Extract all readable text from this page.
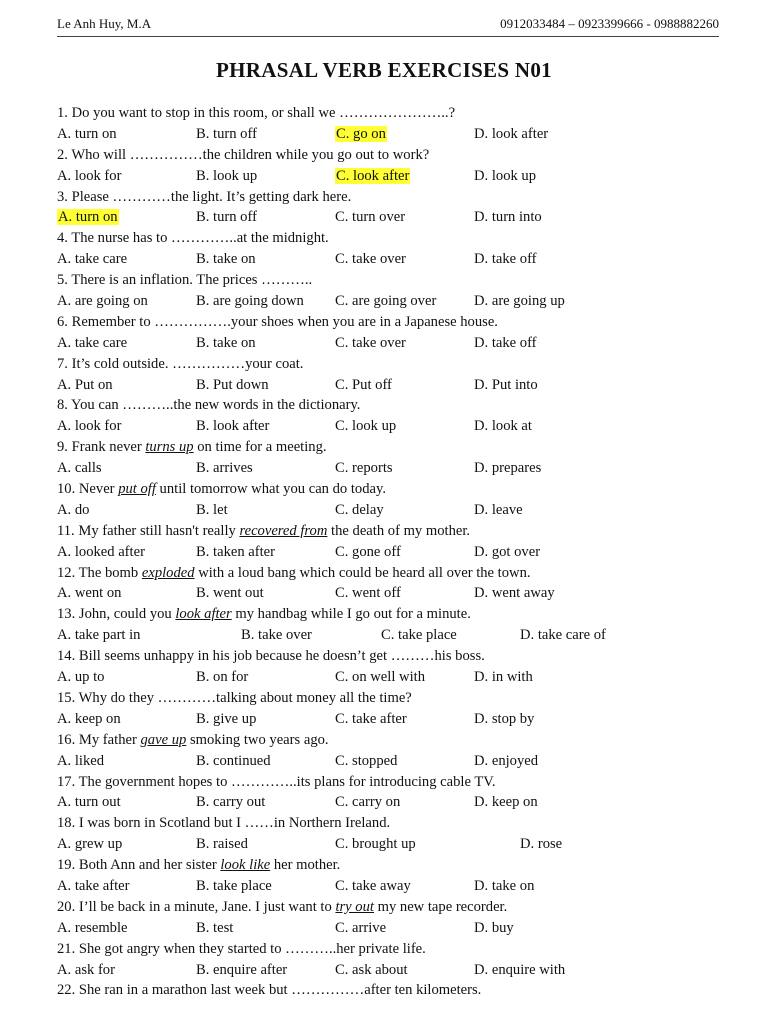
Le Anh Huy, M.A	0912033484 – 0923399666 - 0988882260
PHRASAL VERB EXERCISES N01
1. Do you want to stop in this room, or shall we …………………..?
A. turn on	B. turn off	C. go on	D. look after
2. Who will ……………the children while you go out to work?
A. look for	B. look up	C. look after	D. look up
3. Please …………the light. It’s getting dark here.
A. turn on	B. turn off	C. turn over	D. turn into
4. The nurse has to …………..at the midnight.
A. take care	B. take on	C. take over	D. take off
5. There is an inflation. The prices ………..
A. are going on	B. are going down C. are going over	D. are going up
6. Remember to …………….your shoes when you are in a Japanese house.
A. take care	B. take on	C. take over	D. take off
7. It’s cold outside. ……………your coat.
A. Put on	B. Put down	C. Put off	D. Put into
8. You can ………..the new words in the dictionary.
A. look for	B. look after	C. look up	D. look at
9. Frank never turns up on time for a meeting.
A. calls	B. arrives	C. reports	D. prepares
10. Never put off until tomorrow what you can do today.
A. do	B. let	C. delay	D. leave
11. My father still hasn't really recovered from the death of my mother.
A. looked after	B. taken after	C. gone off	D. got over
12. The bomb exploded with a loud bang which could be heard all over the town.
A. went on	B. went out	C. went off	D. went away
13. John, could you look after my handbag while I go out for a minute.
A. take part in	B. take over	C. take place	D. take care of
14. Bill seems unhappy in his job because he doesn’t get ………his boss.
A. up to	B. on for	C. on well with	D. in with
15. Why do they …………talking about money all the time?
A. keep on	B. give up	C. take after	D. stop by
16. My father gave up smoking two years ago.
A. liked	B. continued	C. stopped	D. enjoyed
17. The government hopes to …………..its plans for introducing cable TV.
A. turn out	B. carry out	C. carry on	D. keep on
18. I was born in Scotland but I ……in Northern Ireland.
A. grew up	B. raised	C. brought up	D. rose
19. Both Ann and her sister look like her mother.
A. take after	B. take place	C. take away	D. take on
20. I’ll be back in a minute, Jane. I just want to try out my new tape recorder.
A. resemble	B. test	C. arrive	D. buy
21. She got angry when they started to ………..her private life.
A. ask for	B. enquire after	C. ask about	D. enquire with
22. She ran in a marathon last week but ……………after ten kilometers.
